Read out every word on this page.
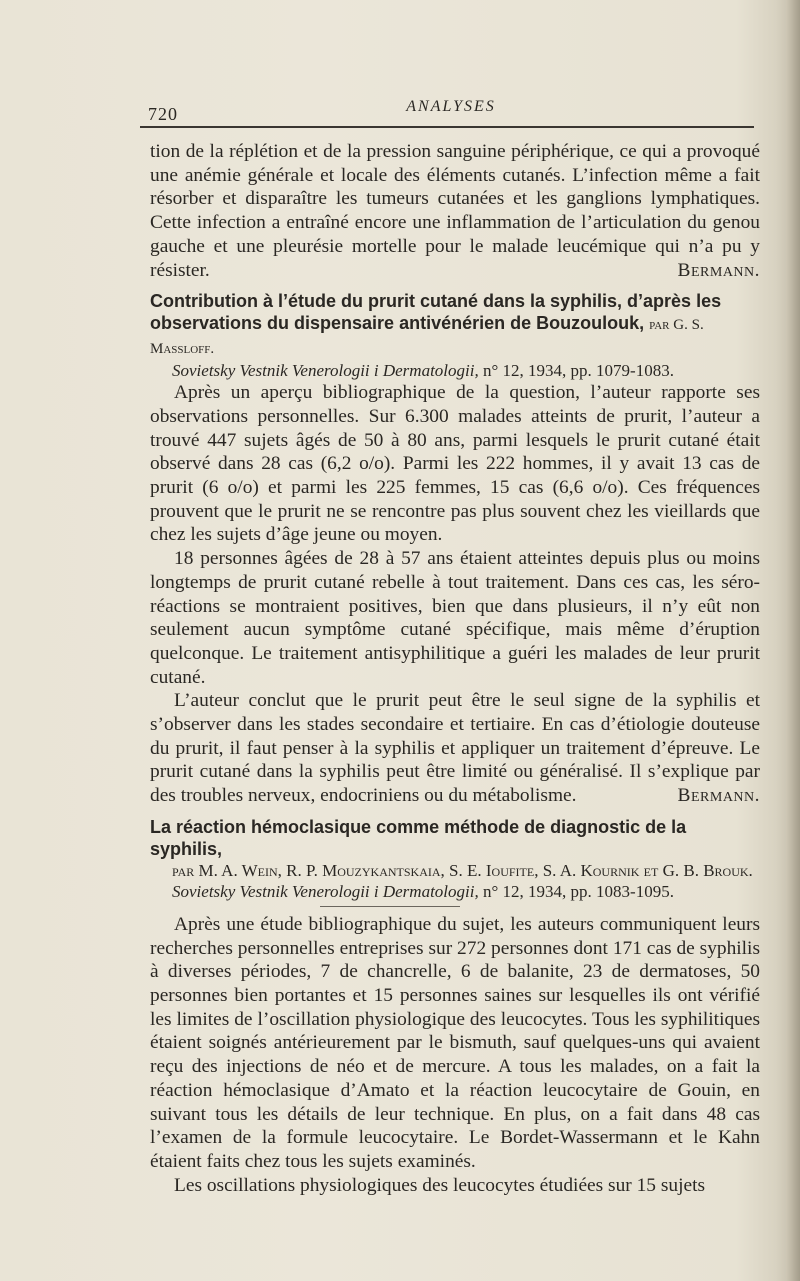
720	ANALYSES

tion de la réplétion et de la pression sanguine périphérique, ce qui a provoqué une anémie générale et locale des éléments cutanés. L’infection même a fait résorber et disparaître les tumeurs cutanées et les ganglions lymphatiques. Cette infection a entraîné encore une inflammation de l’articulation du genou gauche et une pleurésie mortelle pour le malade leucémique qui n’a pu y résister.	Bermann.

Contribution à l’étude du prurit cutané dans la syphilis, d’après les observations du dispensaire antivénérien de Bouzoulouk, par G. S. Massloff.
Sovietsky Vestnik Venerologii i Dermatologii, n° 12, 1934, pp. 1079-1083.

Après un aperçu bibliographique de la question, l’auteur rapporte ses observations personnelles. Sur 6.300 malades atteints de prurit, l’auteur a trouvé 447 sujets âgés de 50 à 80 ans, parmi lesquels le prurit cutané était observé dans 28 cas (6,2 o/o). Parmi les 222 hommes, il y avait 13 cas de prurit (6 o/o) et parmi les 225 femmes, 15 cas (6,6 o/o). Ces fréquences prouvent que le prurit ne se rencontre pas plus souvent chez les vieillards que chez les sujets d’âge jeune ou moyen.

18 personnes âgées de 28 à 57 ans étaient atteintes depuis plus ou moins longtemps de prurit cutané rebelle à tout traitement. Dans ces cas, les séro-réactions se montraient positives, bien que dans plusieurs, il n’y eût non seulement aucun symptôme cutané spécifique, mais même d’éruption quelconque. Le traitement antisyphilitique a guéri les malades de leur prurit cutané.

L’auteur conclut que le prurit peut être le seul signe de la syphilis et s’observer dans les stades secondaire et tertiaire. En cas d’étiologie douteuse du prurit, il faut penser à la syphilis et appliquer un traitement d’épreuve. Le prurit cutané dans la syphilis peut être limité ou généralisé. Il s’explique par des troubles nerveux, endocriniens ou du métabolisme.	Bermann.

La réaction hémoclasique comme méthode de diagnostic de la syphilis,
par M. A. Wein, R. P. Mouzykantskaia, S. E. Ioufite, S. A. Kournik et G. B. Brouk. Sovietsky Vestnik Venerologii i Dermatologii, n° 12, 1934, pp. 1083-1095.

Après une étude bibliographique du sujet, les auteurs communiquent leurs recherches personnelles entreprises sur 272 personnes dont 171 cas de syphilis à diverses périodes, 7 de chancrelle, 6 de balanite, 23 de dermatoses, 50 personnes bien portantes et 15 personnes saines sur lesquelles ils ont vérifié les limites de l’oscillation physiologique des leucocytes. Tous les syphilitiques étaient soignés antérieurement par le bismuth, sauf quelques-uns qui avaient reçu des injections de néo et de mercure. A tous les malades, on a fait la réaction hémoclasique d’Amato et la réaction leucocytaire de Gouin, en suivant tous les détails de leur technique. En plus, on a fait dans 48 cas l’examen de la formule leucocytaire. Le Bordet-Wassermann et le Kahn étaient faits chez tous les sujets examinés.

Les oscillations physiologiques des leucocytes étudiées sur 15 sujets
